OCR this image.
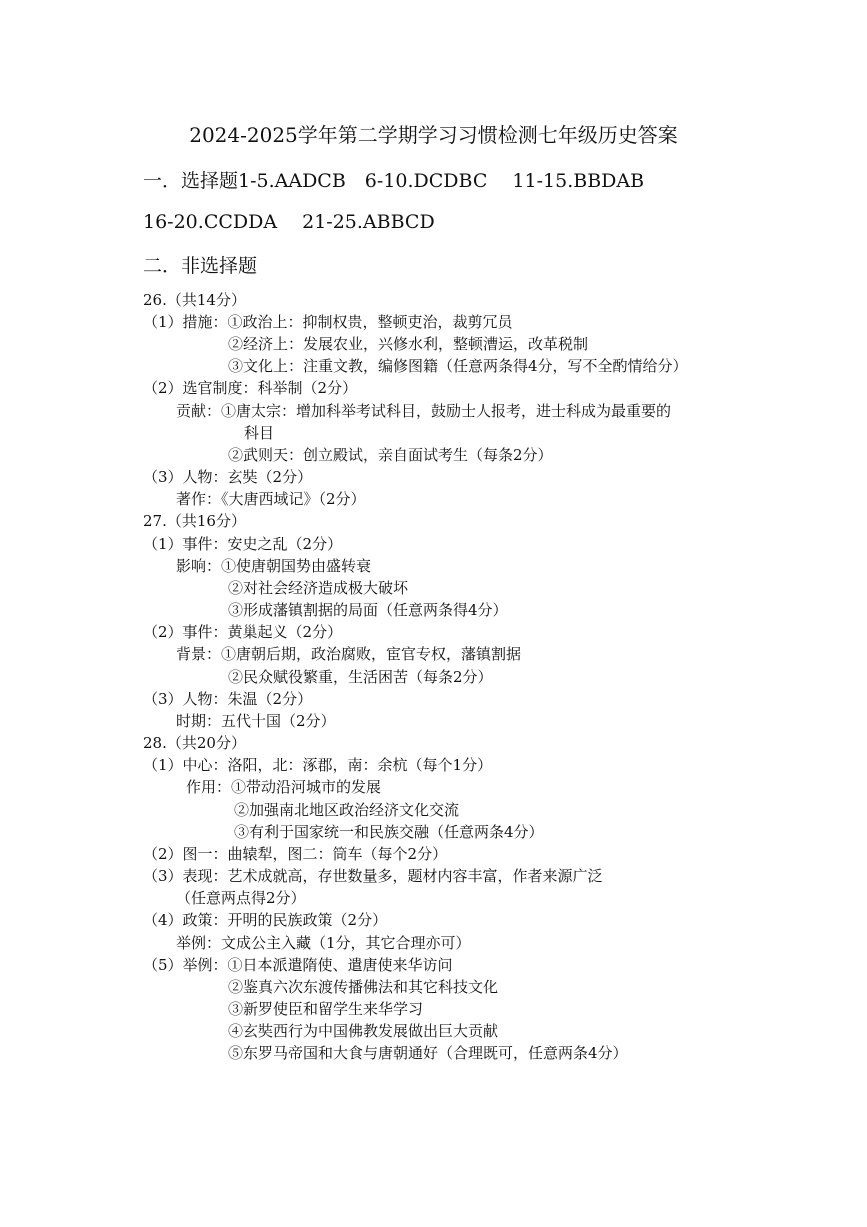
2024-2025学年第二学期学习习惯检测七年级历史答案
一．选择题1-5.AADCB　6-10.DCDBC　 11-15.BBDAB
16-20.CCDDA　 21-25.ABBCD
二．非选择题
26.（共14分）
（1）措施：①政治上：抑制权贵，整顿吏治，裁剪冗员
②经济上：发展农业，兴修水利，整顿漕运，改革税制
③文化上：注重文教，编修图籍（任意两条得4分，写不全酌情给分）
（2）选官制度：科举制（2分）
贡献：①唐太宗：增加科举考试科目，鼓励士人报考，进士科成为最重要的
科目
②武则天：创立殿试，亲自面试考生（每条2分）
（3）人物：玄奘（2分）
著作：《大唐西域记》（2分）
27.（共16分）
（1）事件：安史之乱（2分）
影响：①使唐朝国势由盛转衰
②对社会经济造成极大破坏
③形成藩镇割据的局面（任意两条得4分）
（2）事件：黄巢起义（2分）
背景：①唐朝后期，政治腐败，宦官专权，藩镇割据
②民众赋役繁重，生活困苦（每条2分）
（3）人物：朱温（2分）
时期：五代十国（2分）
28.（共20分）
（1）中心：洛阳，北：涿郡，南：余杭（每个1分）
作用：①带动沿河城市的发展
②加强南北地区政治经济文化交流
③有利于国家统一和民族交融（任意两条4分）
（2）图一：曲辕犁，图二：筒车（每个2分）
（3）表现：艺术成就高，存世数量多，题材内容丰富，作者来源广泛
（任意两点得2分）
（4）政策：开明的民族政策（2分）
举例：文成公主入藏（1分，其它合理亦可）
（5）举例：①日本派遣隋使、遣唐使来华访问
②鉴真六次东渡传播佛法和其它科技文化
③新罗使臣和留学生来华学习
④玄奘西行为中国佛教发展做出巨大贡献
⑤东罗马帝国和大食与唐朝通好（合理既可，任意两条4分）
